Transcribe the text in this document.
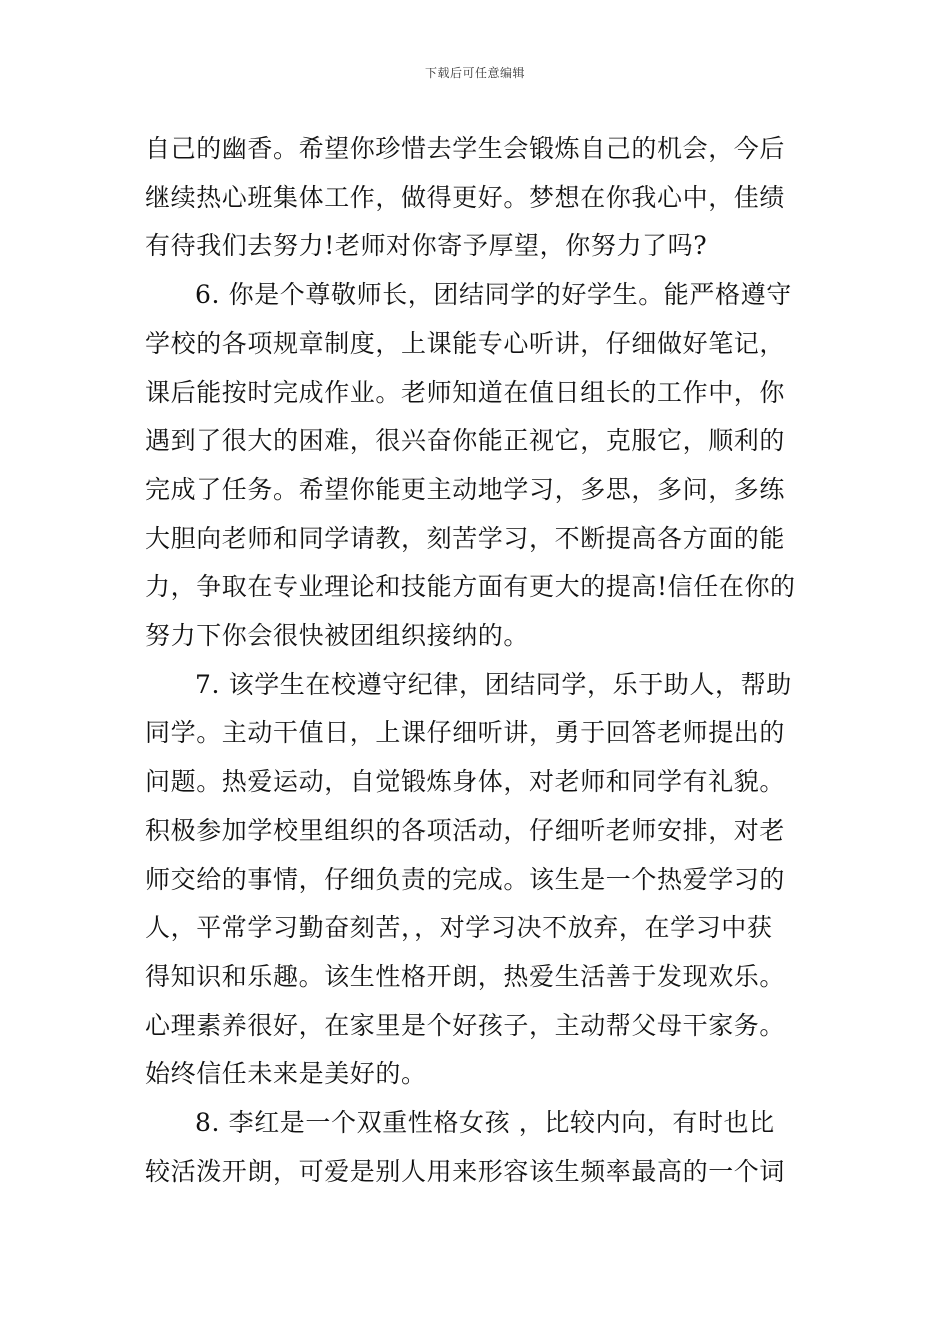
下载后可任意编辑
自己的幽香。希望你珍惜去学生会锻炼自己的机会，今后
继续热心班集体工作，做得更好。梦想在你我心中，佳绩
有待我们去努力!老师对你寄予厚望，你努力了吗?
6. 你是个尊敬师长，团结同学的好学生。能严格遵守
学校的各项规章制度，上课能专心听讲，仔细做好笔记，
课后能按时完成作业。老师知道在值日组长的工作中，你
遇到了很大的困难，很兴奋你能正视它，克服它，顺利的
完成了任务。希望你能更主动地学习，多思，多问，多练
大胆向老师和同学请教，刻苦学习，不断提高各方面的能
力，争取在专业理论和技能方面有更大的提高!信任在你的
努力下你会很快被团组织接纳的。
7. 该学生在校遵守纪律，团结同学，乐于助人，帮助
同学。主动干值日，上课仔细听讲，勇于回答老师提出的
问题。热爱运动，自觉锻炼身体，对老师和同学有礼貌。
积极参加学校里组织的各项活动，仔细听老师安排，对老
师交给的事情，仔细负责的完成。该生是一个热爱学习的
人，平常学习勤奋刻苦，，对学习决不放弃，在学习中获
得知识和乐趣。该生性格开朗，热爱生活善于发现欢乐。
心理素养很好，在家里是个好孩子，主动帮父母干家务。
始终信任未来是美好的。
8. 李红是一个双重性格女孩 ，比较内向，有时也比
较活泼开朗，可爱是别人用来形容该生频率最高的一个词
